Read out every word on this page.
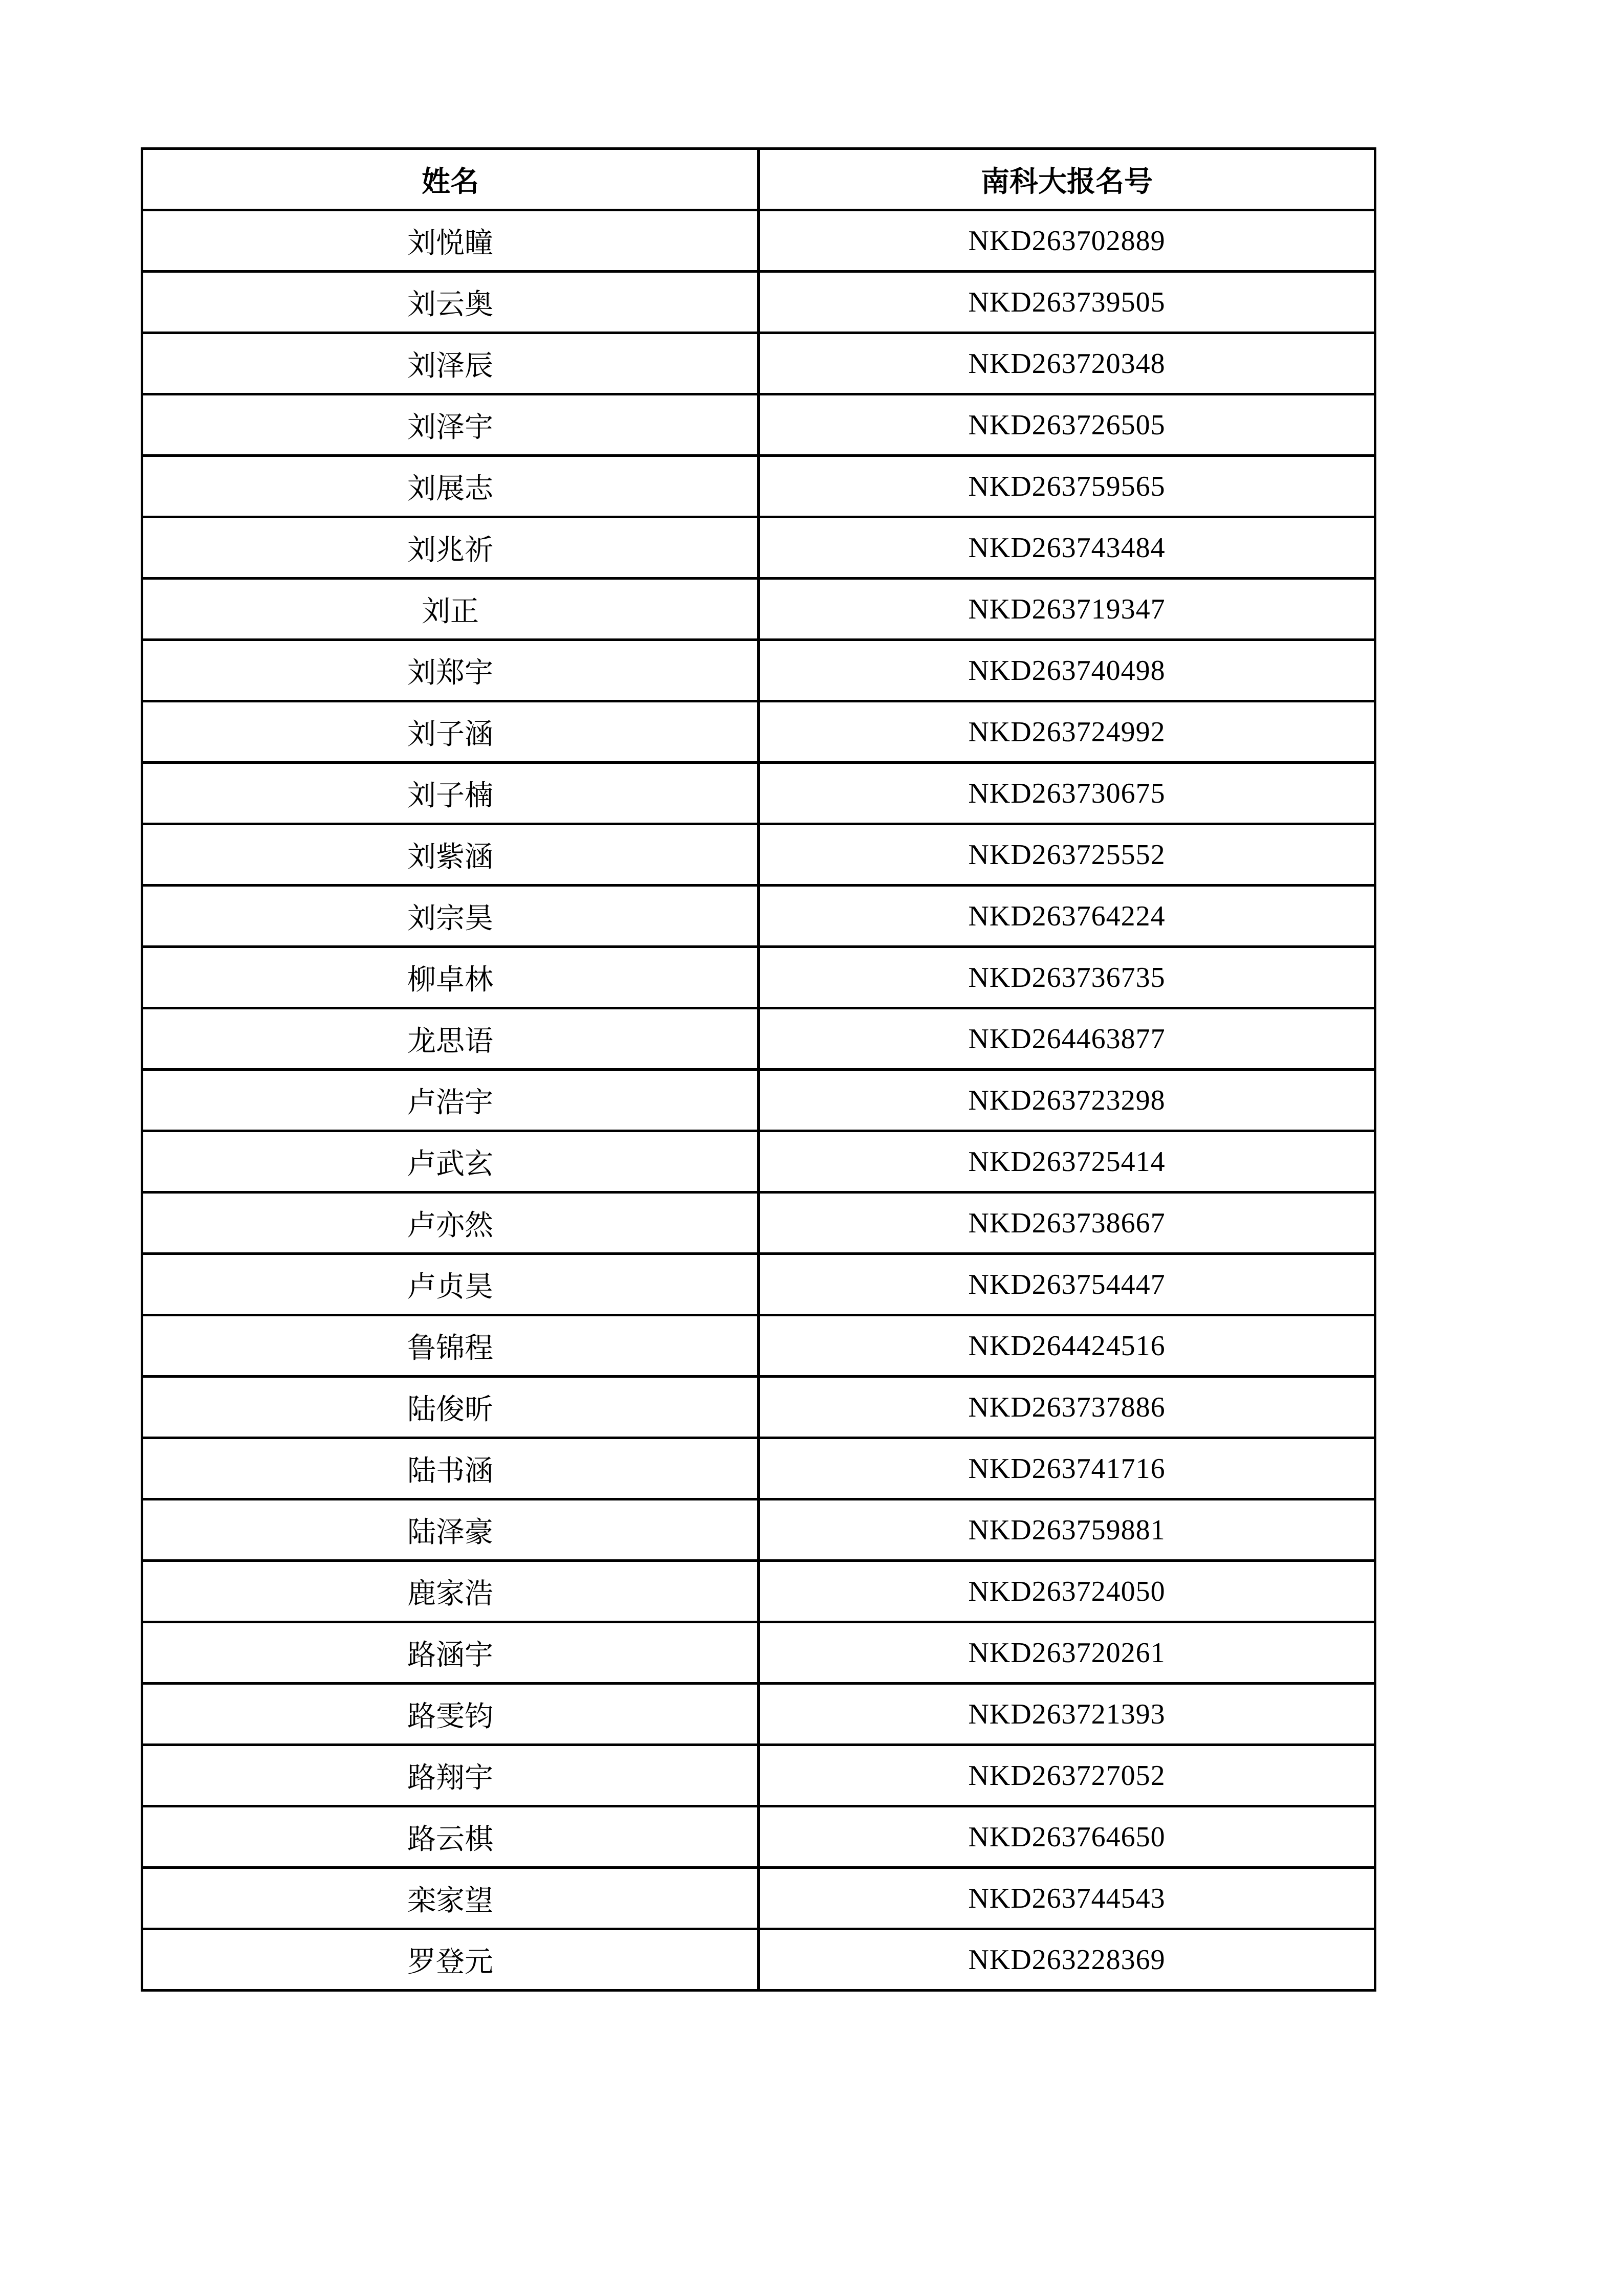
姓名	南科大报名号
刘悦瞳	NKD263702889
刘云奥	NKD263739505
刘泽辰	NKD263720348
刘泽宇	NKD263726505
刘展志	NKD263759565
刘兆祈	NKD263743484
刘正	NKD263719347
刘郑宇	NKD263740498
刘子涵	NKD263724992
刘子楠	NKD263730675
刘紫涵	NKD263725552
刘宗昊	NKD263764224
柳卓林	NKD263736735
龙思语	NKD264463877
卢浩宇	NKD263723298
卢武玄	NKD263725414
卢亦然	NKD263738667
卢贞昊	NKD263754447
鲁锦程	NKD264424516
陆俊昕	NKD263737886
陆书涵	NKD263741716
陆泽豪	NKD263759881
鹿家浩	NKD263724050
路涵宇	NKD263720261
路雯钧	NKD263721393
路翔宇	NKD263727052
路云棋	NKD263764650
栾家望	NKD263744543
罗登元	NKD263228369
